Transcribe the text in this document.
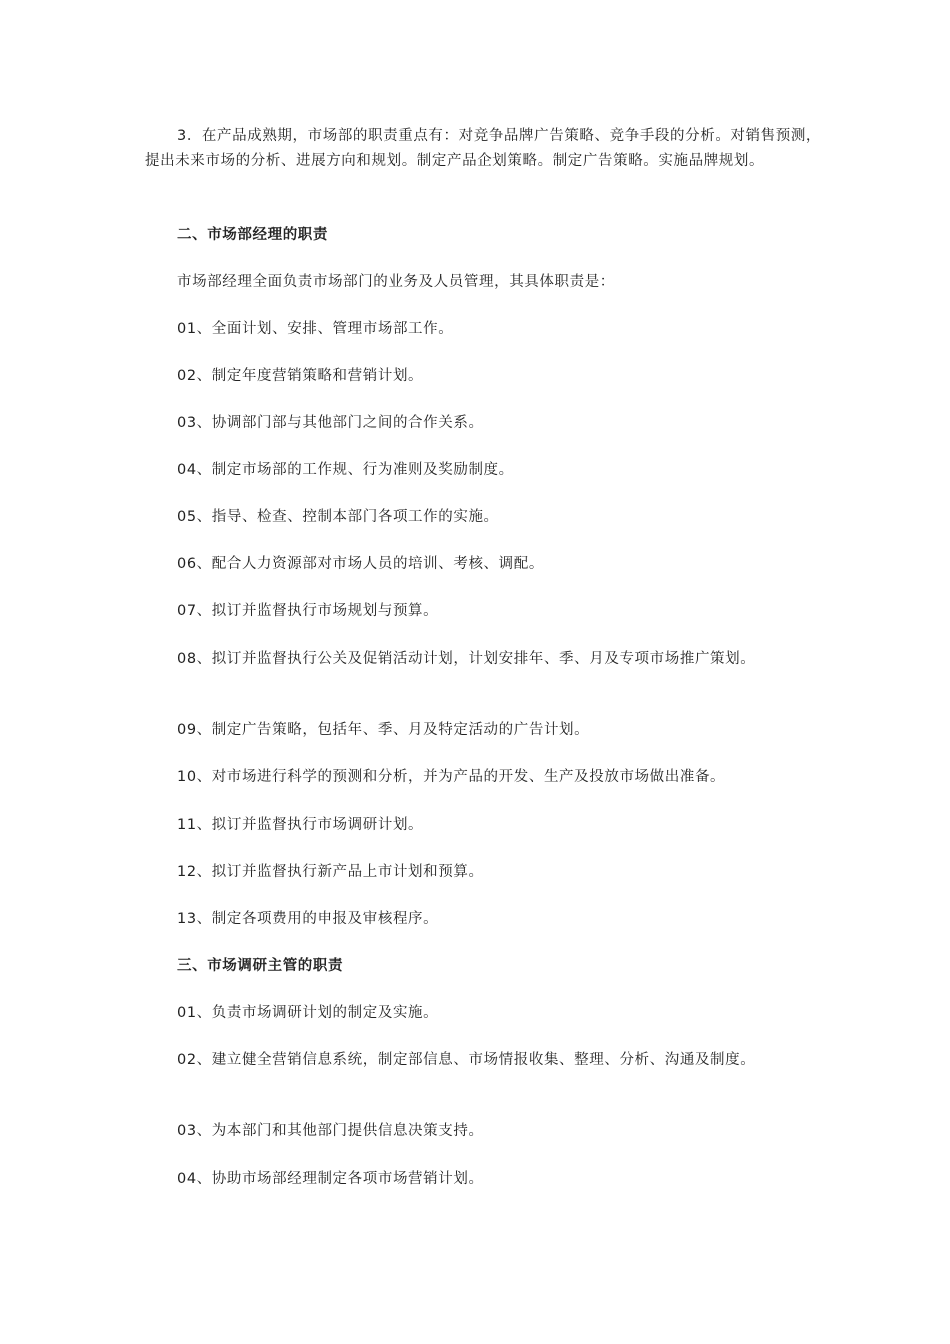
3．在产品成熟期，市场部的职责重点有：对竞争品牌广告策略、竞争手段的分析。对销售预测，提出未来市场的分析、进展方向和规划。制定产品企划策略。制定广告策略。实施品牌规划。
二、市场部经理的职责
市场部经理全面负责市场部门的业务及人员管理，其具体职责是：
01、全面计划、安排、管理市场部工作。
02、制定年度营销策略和营销计划。
03、协调部门部与其他部门之间的合作关系。
04、制定市场部的工作规、行为准则及奖励制度。
05、指导、检查、控制本部门各项工作的实施。
06、配合人力资源部对市场人员的培训、考核、调配。
07、拟订并监督执行市场规划与预算。
08、拟订并监督执行公关及促销活动计划，计划安排年、季、月及专项市场推广策划。
09、制定广告策略，包括年、季、月及特定活动的广告计划。
10、对市场进行科学的预测和分析，并为产品的开发、生产及投放市场做出准备。
11、拟订并监督执行市场调研计划。
12、拟订并监督执行新产品上市计划和预算。
13、制定各项费用的申报及审核程序。
三、市场调研主管的职责
01、负责市场调研计划的制定及实施。
02、建立健全营销信息系统，制定部信息、市场情报收集、整理、分析、沟通及制度。
03、为本部门和其他部门提供信息决策支持。
04、协助市场部经理制定各项市场营销计划。
